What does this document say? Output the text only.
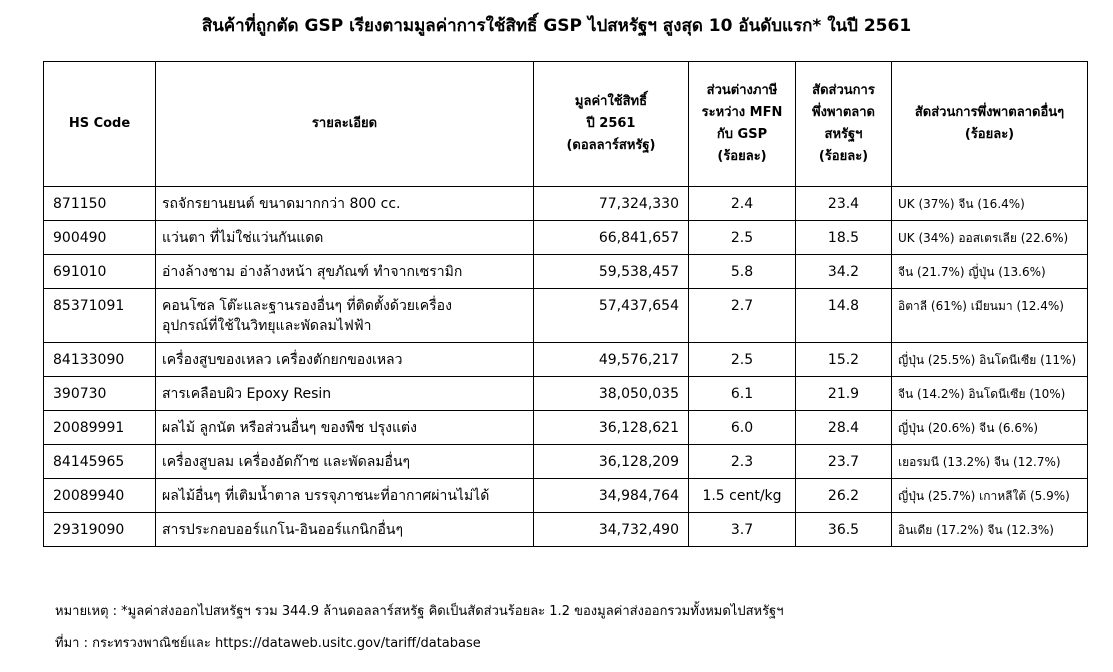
สินค้าที่ถูกตัด GSP เรียงตามมูลค่าการใช้สิทธิ์ GSP ไปสหรัฐฯ สูงสุด 10 อันดับแรก* ในปี 2561
HS Code	รายละเอียด	มูลค่าใช้สิทธิ์
ปี 2561
(ดอลลาร์สหรัฐ)	ส่วนต่างภาษี
ระหว่าง MFN
กับ GSP
(ร้อยละ)	สัดส่วนการ
พึ่งพาตลาด
สหรัฐฯ
(ร้อยละ)	สัดส่วนการพึ่งพาตลาดอื่นๆ
(ร้อยละ)
871150	รถจักรยานยนต์ ขนาดมากกว่า 800 cc.	77,324,330	2.4	23.4	UK (37%) จีน (16.4%)
900490	แว่นตา ที่ไม่ใช่แว่นกันแดด	66,841,657	2.5	18.5	UK (34%) ออสเตรเลีย (22.6%)
691010	อ่างล้างชาม อ่างล้างหน้า สุขภัณฑ์ ทำจากเซรามิก	59,538,457	5.8	34.2	จีน (21.7%) ญี่ปุ่น (13.6%)
85371091	คอนโซล โต๊ะและฐานรองอื่นๆ ที่ติดตั้งด้วยเครื่อง
อุปกรณ์ที่ใช้ในวิทยุและพัดลมไฟฟ้า	57,437,654	2.7	14.8	อิตาลี (61%) เมียนมา (12.4%)
84133090	เครื่องสูบของเหลว เครื่องตักยกของเหลว	49,576,217	2.5	15.2	ญี่ปุ่น (25.5%) อินโดนีเซีย (11%)
390730	สารเคลือบผิว Epoxy Resin	38,050,035	6.1	21.9	จีน (14.2%) อินโดนีเซีย (10%)
20089991	ผลไม้ ลูกนัต หรือส่วนอื่นๆ ของพืช ปรุงแต่ง	36,128,621	6.0	28.4	ญี่ปุ่น (20.6%) จีน (6.6%)
84145965	เครื่องสูบลม เครื่องอัดก๊าซ และพัดลมอื่นๆ	36,128,209	2.3	23.7	เยอรมนี (13.2%) จีน (12.7%)
20089940	ผลไม้อื่นๆ ที่เติมน้ำตาล บรรจุภาชนะที่อากาศผ่านไม่ได้	34,984,764	1.5 cent/kg	26.2	ญี่ปุ่น (25.7%) เกาหลีใต้ (5.9%)
29319090	สารประกอบออร์แกโน-อินออร์แกนิกอื่นๆ	34,732,490	3.7	36.5	อินเดีย (17.2%) จีน (12.3%)
หมายเหตุ : *มูลค่าส่งออกไปสหรัฐฯ รวม 344.9 ล้านดอลลาร์สหรัฐ คิดเป็นสัดส่วนร้อยละ 1.2 ของมูลค่าส่งออกรวมทั้งหมดไปสหรัฐฯ
ที่มา : กระทรวงพาณิชย์และ https://dataweb.usitc.gov/tariff/database
